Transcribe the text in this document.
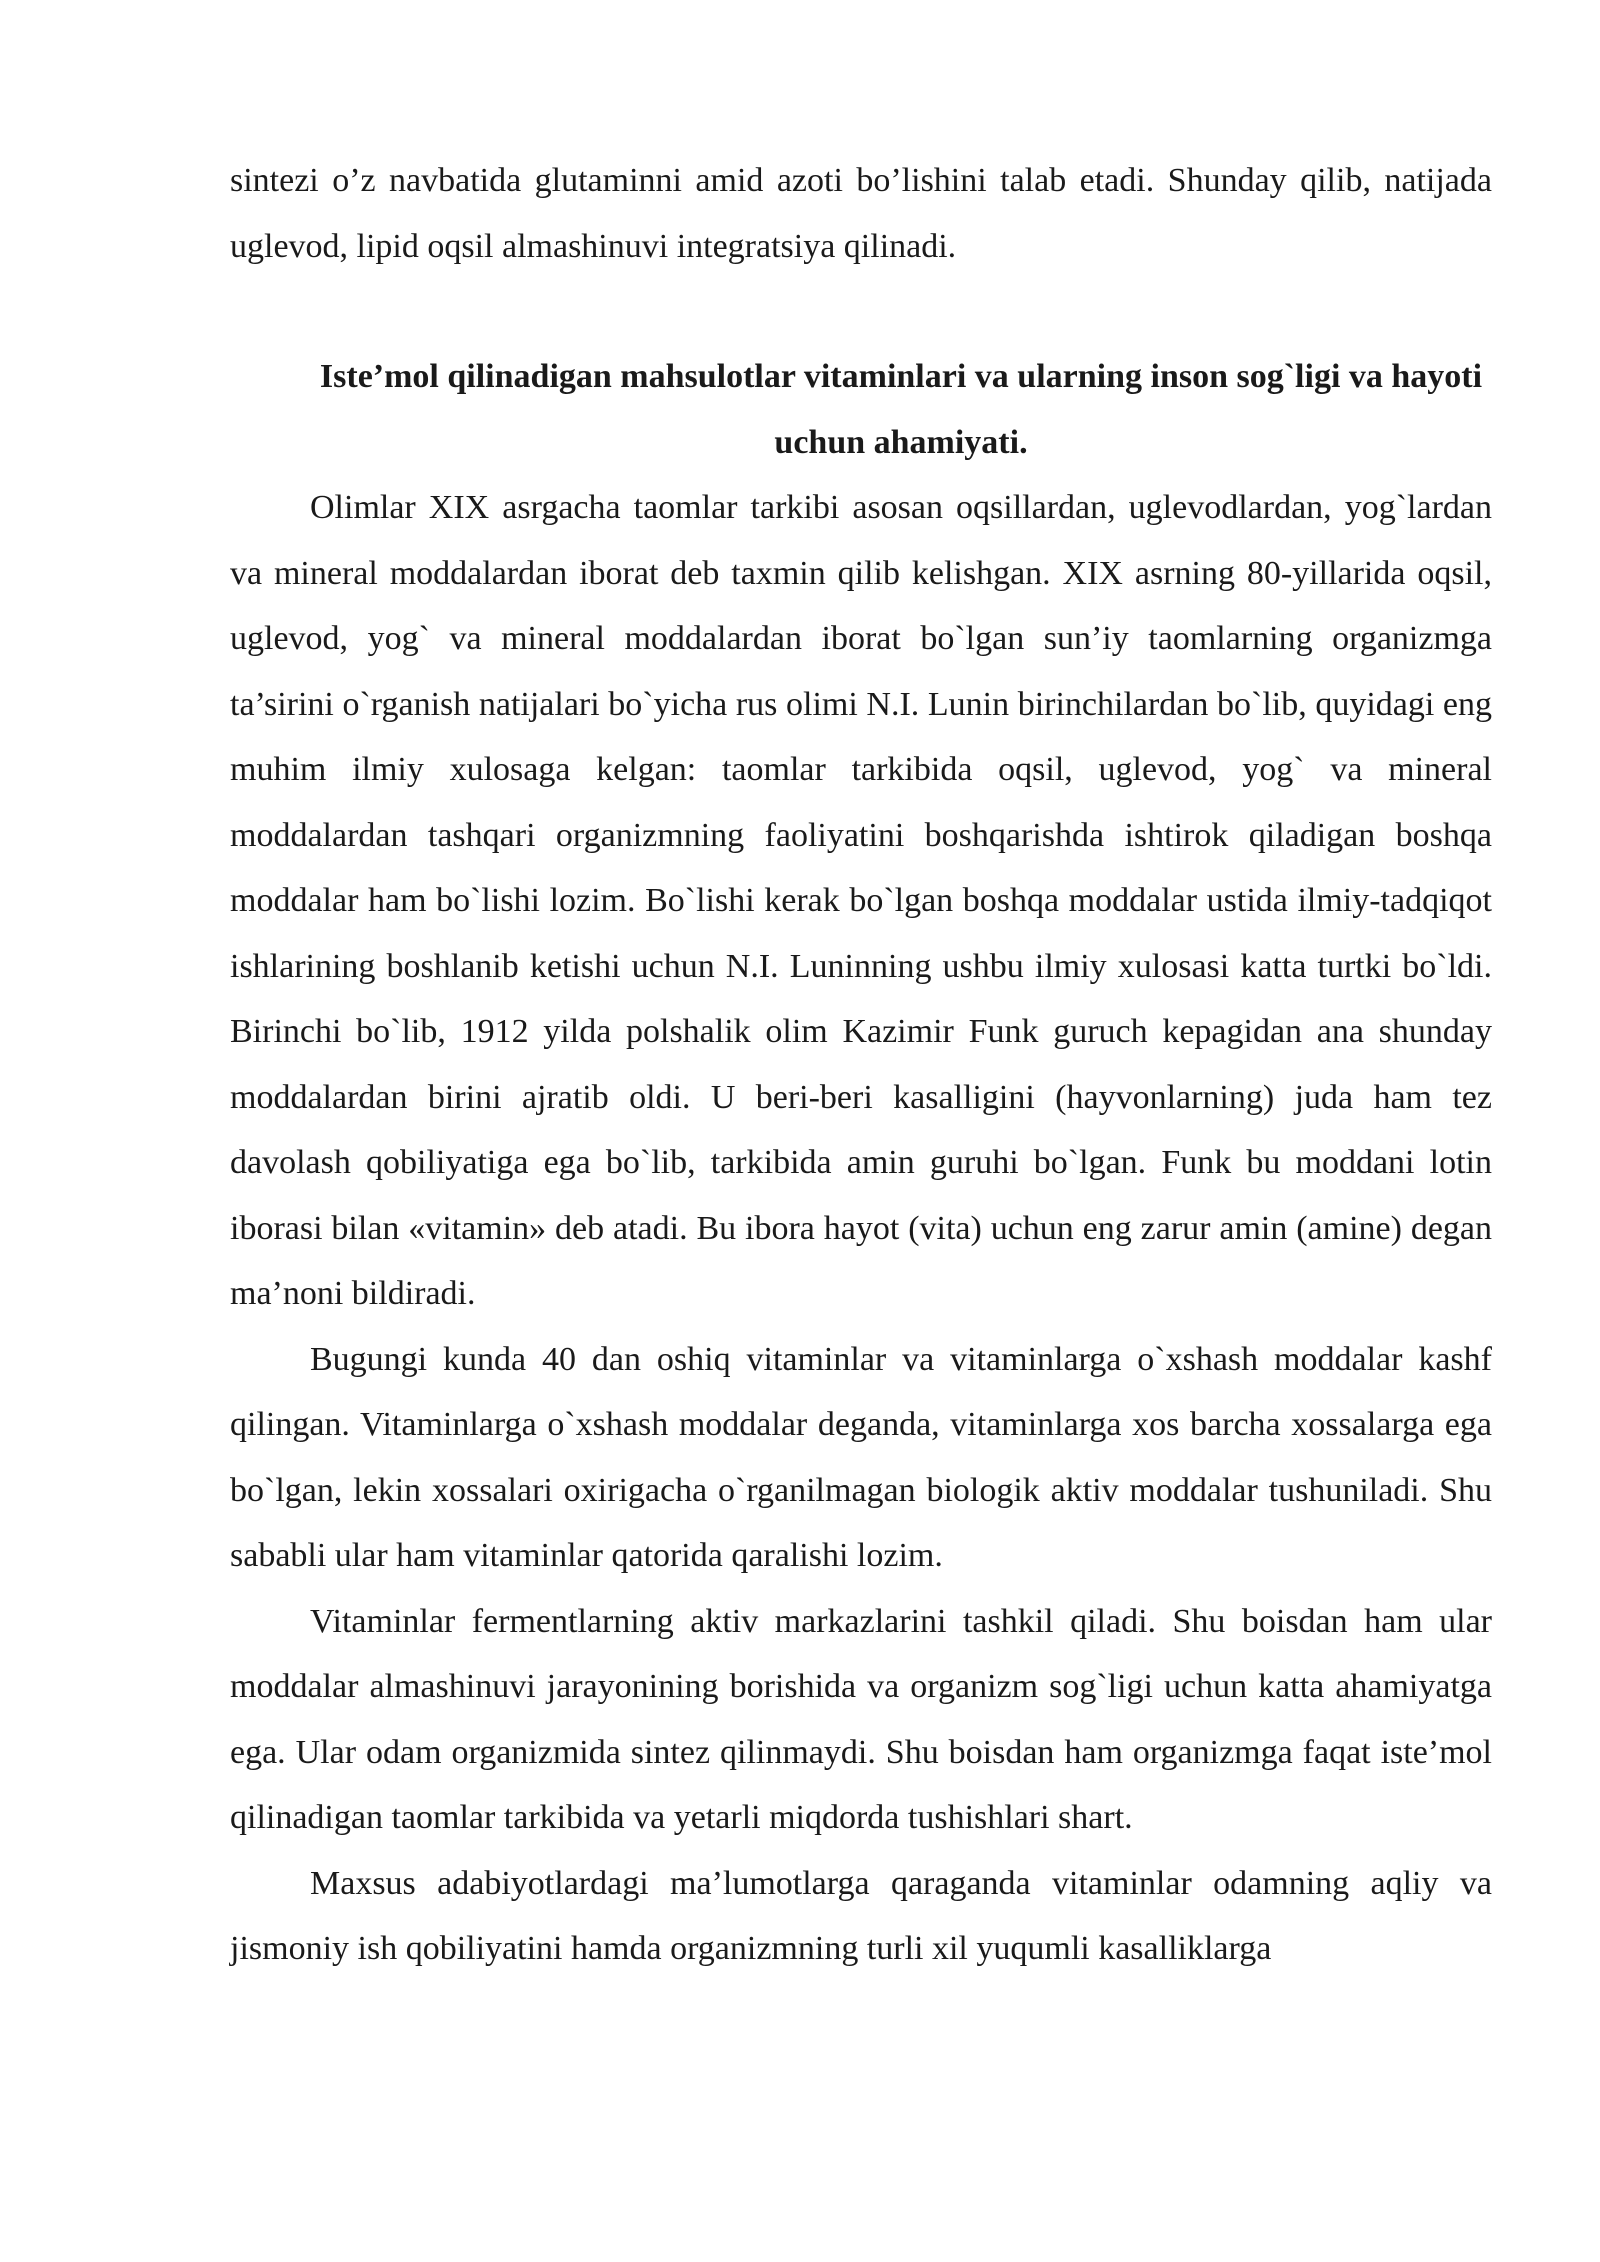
sintezi o’z navbatida glutaminni amid azoti bo’lishini talab etadi. Shunday qilib, natijada uglevod, lipid oqsil almashinuvi integratsiya qilinadi.

Iste’mol qilinadigan mahsulotlar vitaminlari va ularning inson sog`ligi va hayoti uchun ahamiyati.

Olimlar XIX asrgacha taomlar tarkibi asosan oqsillardan, uglevodlardan, yog`lardan va mineral moddalardan iborat deb taxmin qilib kelishgan. XIX asrning 80-yillarida oqsil, uglevod, yog` va mineral moddalardan iborat bo`lgan sun’iy taomlarning organizmga ta’sirini o`rganish natijalari bo`yicha rus olimi N.I. Lunin birinchilardan bo`lib, quyidagi eng muhim ilmiy xulosaga kelgan: taomlar tarkibida oqsil, uglevod, yog` va mineral moddalardan tashqari organizmning faoliyatini boshqarishda ishtirok qiladigan boshqa moddalar ham bo`lishi lozim. Bo`lishi kerak bo`lgan boshqa moddalar ustida ilmiy-tadqiqot ishlarining boshlanib ketishi uchun N.I. Luninning ushbu ilmiy xulosasi katta turtki bo`ldi. Birinchi bo`lib, 1912 yilda polshalik olim Kazimir Funk guruch kepagidan ana shunday moddalardan birini ajratib oldi. U beri-beri kasalligini (hayvonlarning) juda ham tez davolash qobiliyatiga ega bo`lib, tarkibida amin guruhi bo`lgan. Funk bu moddani lotin iborasi bilan «vitamin» deb atadi. Bu ibora hayot (vita) uchun eng zarur amin (amine) degan ma’noni bildiradi.

Bugungi kunda 40 dan oshiq vitaminlar va vitaminlarga o`xshash moddalar kashf qilingan. Vitaminlarga o`xshash moddalar deganda, vitaminlarga xos barcha xossalarga ega bo`lgan, lekin xossalari oxirigacha o`rganilmagan biologik aktiv moddalar tushuniladi. Shu sababli ular ham vitaminlar qatorida qaralishi lozim.

Vitaminlar fermentlarning aktiv markazlarini tashkil qiladi. Shu boisdan ham ular moddalar almashinuvi jarayonining borishida va organizm sog`ligi uchun katta ahamiyatga ega. Ular odam organizmida sintez qilinmaydi. Shu boisdan ham organizmga faqat iste’mol qilinadigan taomlar tarkibida va yetarli miqdorda tushishlari shart.

Maxsus adabiyotlardagi ma’lumotlarga qaraganda vitaminlar odamning aqliy va jismoniy ish qobiliyatini hamda organizmning turli xil yuqumli kasalliklarga
